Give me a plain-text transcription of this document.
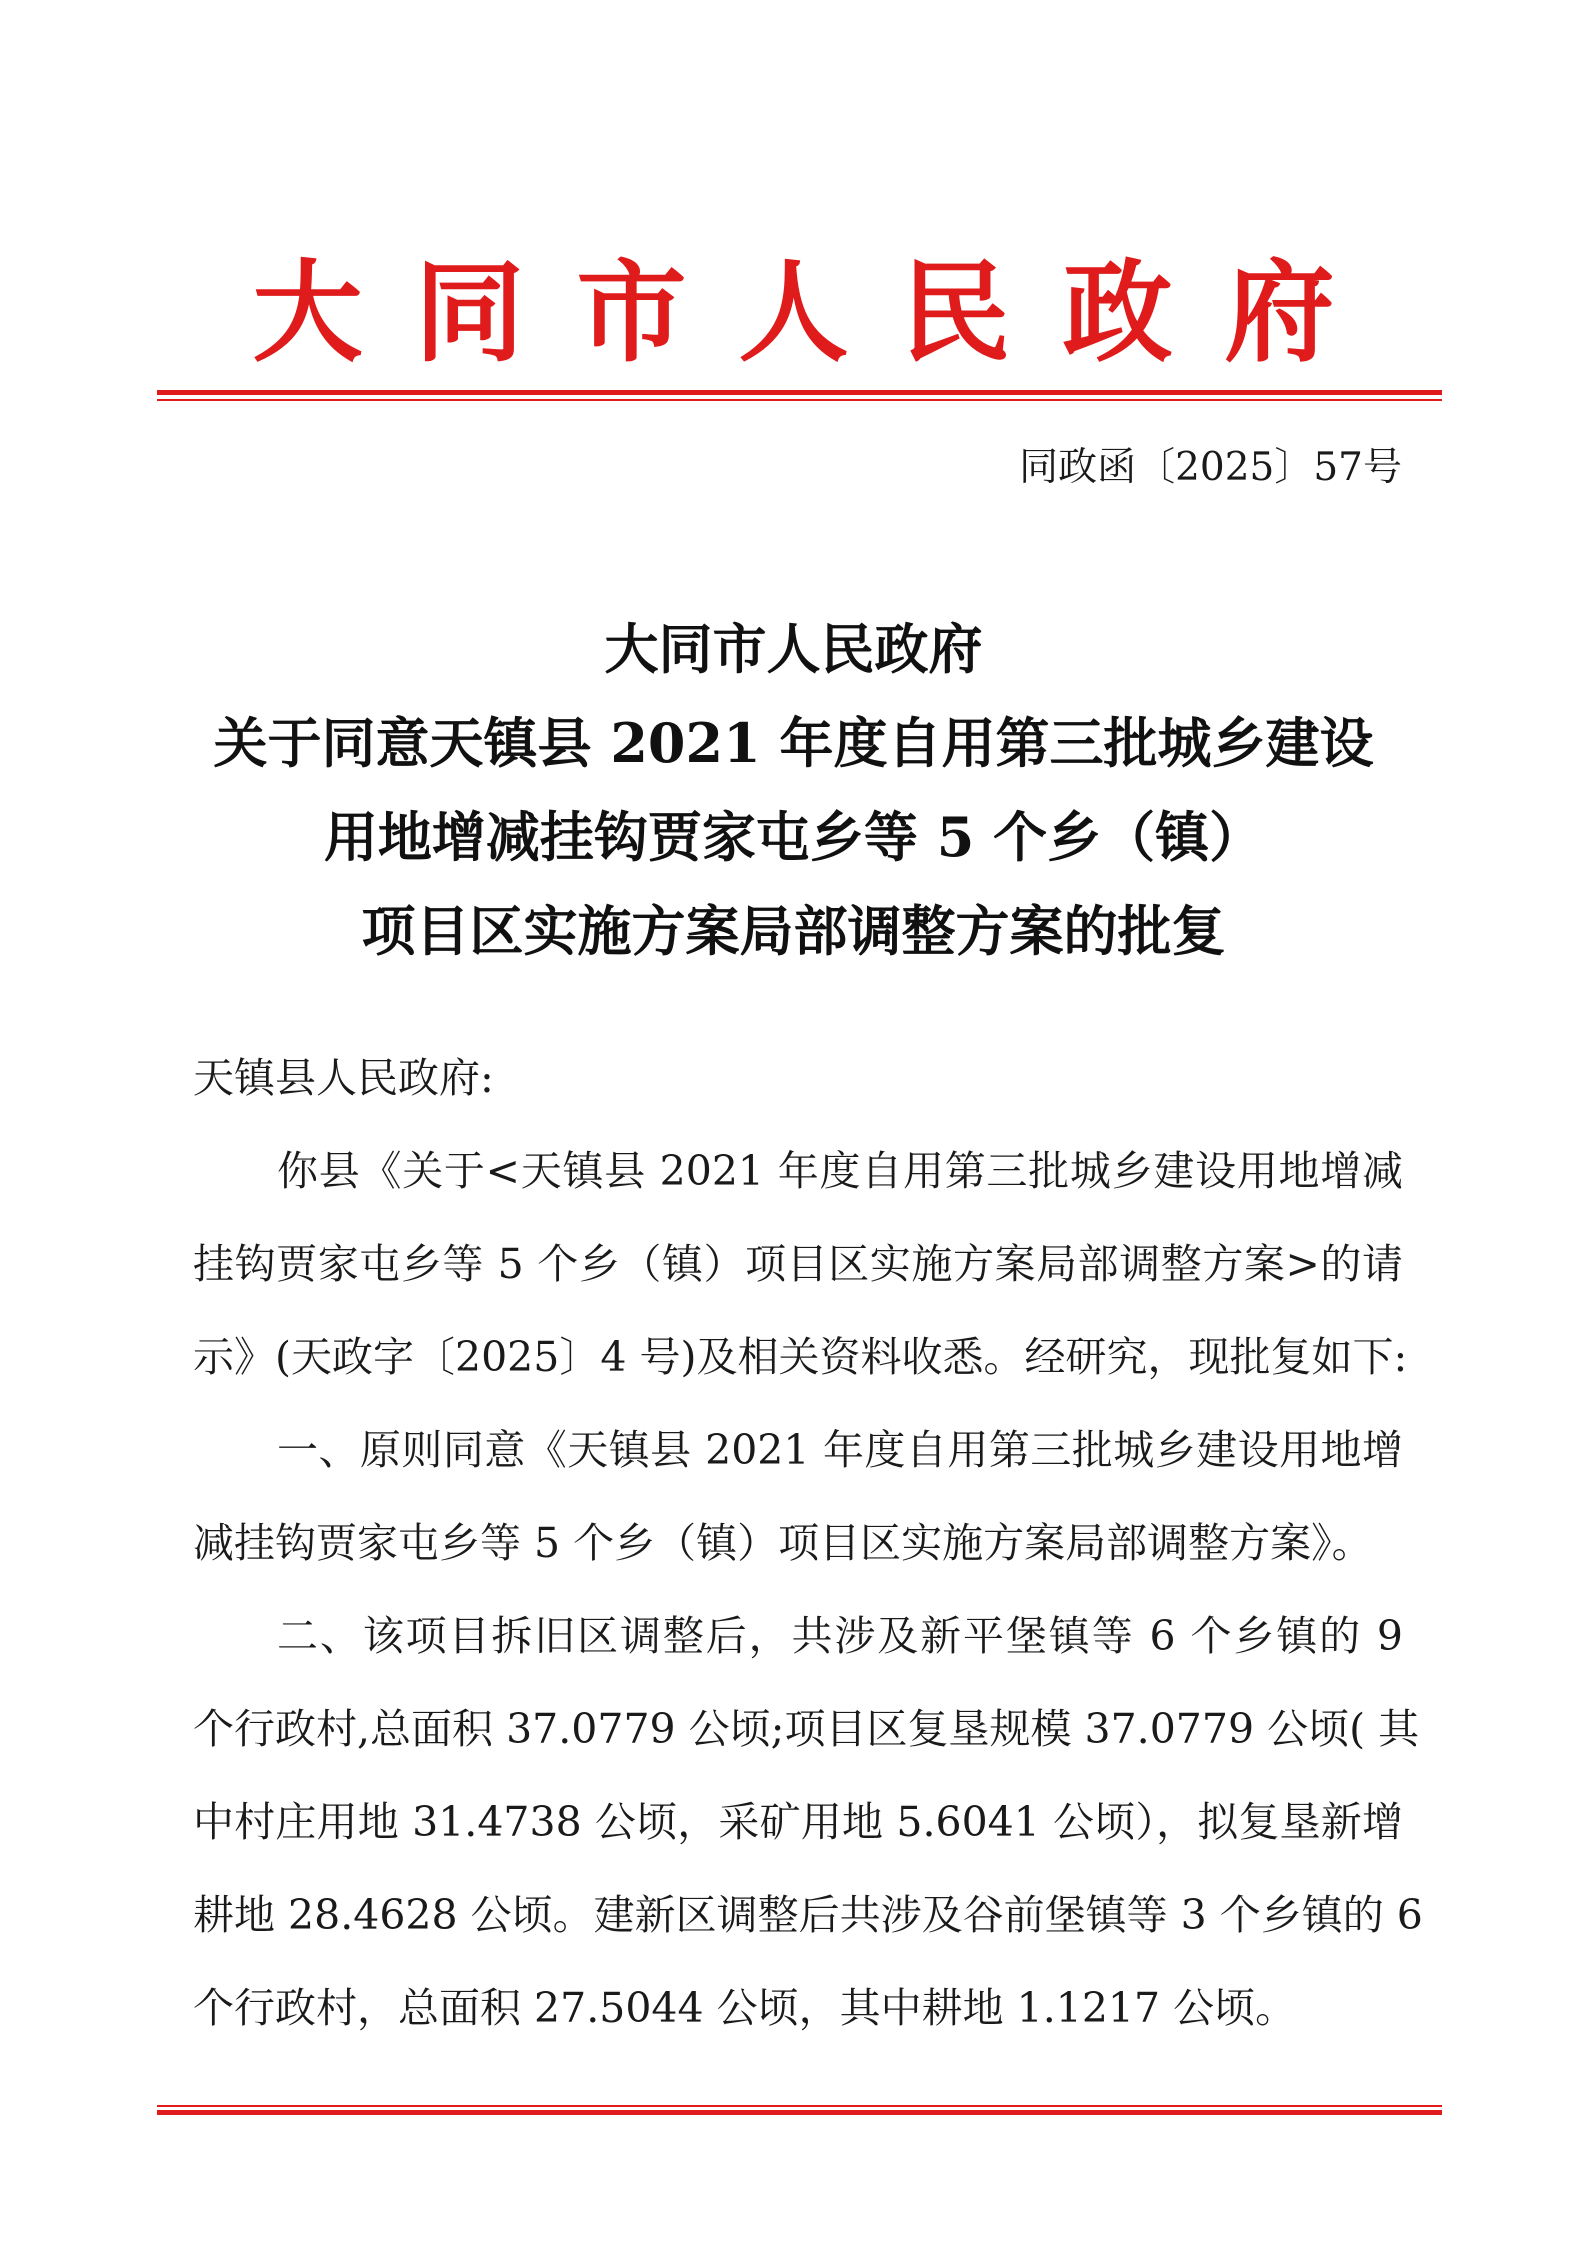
大同市人民政府
同政函〔2025〕57号
大同市人民政府
关于同意天镇县 2021 年度自用第三批城乡建设
用地增减挂钩贾家屯乡等 5 个乡（镇）
项目区实施方案局部调整方案的批复
天镇县人民政府:
你县《关于<天镇县 2021 年度自用第三批城乡建设用地增减
挂钩贾家屯乡等 5 个乡（镇）项目区实施方案局部调整方案>的请
示》(天政字〔2025〕4 号)及相关资料收悉。经研究，现批复如下:
一、原则同意《天镇县 2021 年度自用第三批城乡建设用地增
减挂钩贾家屯乡等 5 个乡（镇）项目区实施方案局部调整方案》。
二、该项目拆旧区调整后，共涉及新平堡镇等 6 个乡镇的 9
个行政村,总面积 37.0779 公顷;项目区复垦规模 37.0779 公顷( 其
中村庄用地 31.4738 公顷，采矿用地 5.6041 公顷），拟复垦新增
耕地 28.4628 公顷。建新区调整后共涉及谷前堡镇等 3 个乡镇的 6
个行政村，总面积 27.5044 公顷，其中耕地 1.1217 公顷。
